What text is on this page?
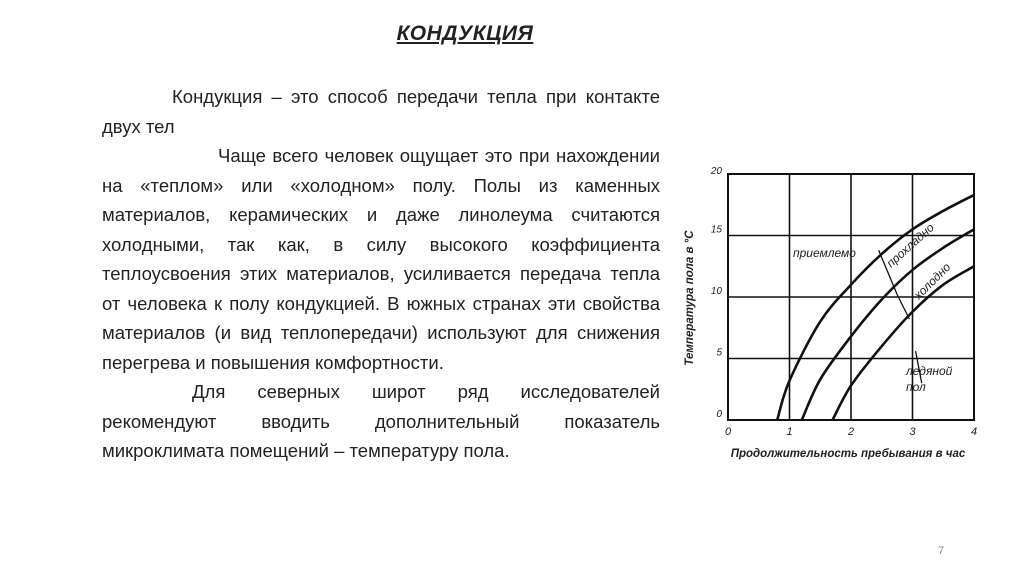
КОНДУКЦИЯ

Кондукция – это способ передачи тепла при контакте двух тел

Чаще всего человек ощущает это при нахождении на «теплом» или «холодном» полу. Полы из каменных материалов, керамических и даже линолеума считаются холодными, так как, в силу высокого коэффициента теплоусвоения этих материалов, усиливается передача тепла от человека к полу кондукцией. В южных странах эти свойства материалов (и вид теплопередачи) используют для снижения перегрева и повышения комфортности.

Для северных широт ряд исследователей рекомендуют вводить дополнительный показатель микроклимата помещений – температуру пола.

0	1	2	3	4
0
5
10
15
20
Температура пола в °С
Продолжительность пребывания в час
приемлемо прохладно
холодно
ледяной
пол
7
